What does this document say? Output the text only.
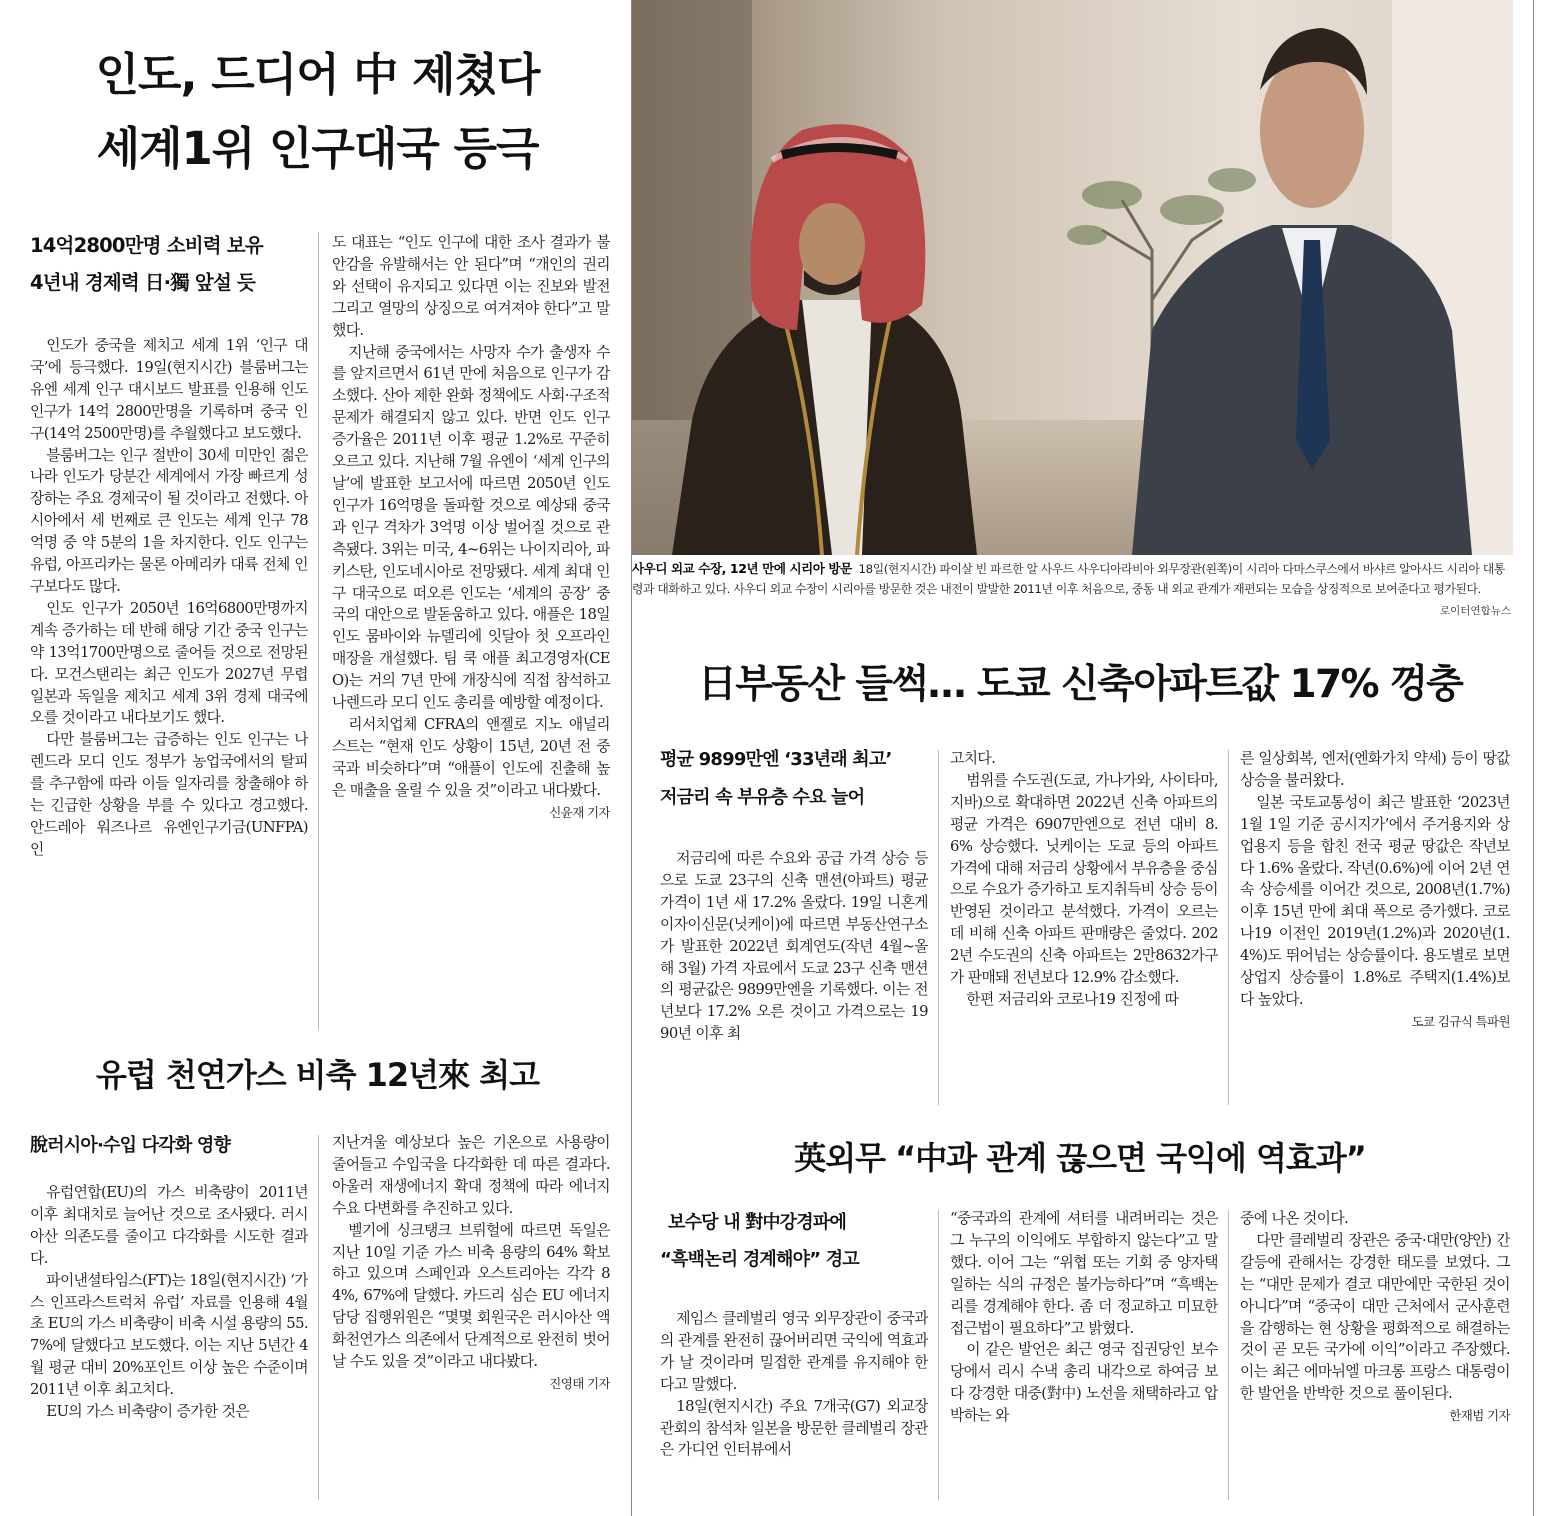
인도, 드디어 中 제쳤다
세계1위 인구대국 등극
14억2800만명 소비력 보유
4년내 경제력 日·獨 앞설 듯

인도가 중국을 제치고 세계 1위 ‘인구 대국’에 등극했다. 19일(현지시간) 블룸버그는 유엔 세계 인구 대시보드 발표를 인용해 인도 인구가 14억 2800만명을 기록하며 중국 인구(14억 2500만명)를 추월했다고 보도했다.

블룸버그는 인구 절반이 30세 미만인 젊은 나라 인도가 당분간 세계에서 가장 빠르게 성장하는 주요 경제국이 될 것이라고 전했다. 아시아에서 세 번째로 큰 인도는 세계 인구 78억명 중 약 5분의 1을 차지한다. 인도 인구는 유럽, 아프리카는 물론 아메리카 대륙 전체 인구보다도 많다.

인도 인구가 2050년 16억6800만명까지 계속 증가하는 데 반해 해당 기간 중국 인구는 약 13억1700만명으로 줄어들 것으로 전망된다. 모건스탠리는 최근 인도가 2027년 무렵 일본과 독일을 제치고 세계 3위 경제 대국에 오를 것이라고 내다보기도 했다.

다만 블룸버그는 급증하는 인도 인구는 나렌드라 모디 인도 정부가 농업국에서의 탈피를 추구함에 따라 이들 일자리를 창출해야 하는 긴급한 상황을 부를 수 있다고 경고했다. 안드레아 워즈나르 유엔인구기금(UNFPA) 인

도 대표는 “인도 인구에 대한 조사 결과가 불안감을 유발해서는 안 된다”며 “개인의 권리와 선택이 유지되고 있다면 이는 진보와 발전 그리고 열망의 상징으로 여겨져야 한다”고 말했다.

지난해 중국에서는 사망자 수가 출생자 수를 앞지르면서 61년 만에 처음으로 인구가 감소했다. 산아 제한 완화 정책에도 사회·구조적 문제가 해결되지 않고 있다. 반면 인도 인구 증가율은 2011년 이후 평균 1.2%로 꾸준히 오르고 있다. 지난해 7월 유엔이 ‘세계 인구의 날’에 발표한 보고서에 따르면 2050년 인도 인구가 16억명을 돌파할 것으로 예상돼 중국과 인구 격차가 3억명 이상 벌어질 것으로 관측됐다. 3위는 미국, 4~6위는 나이지리아, 파키스탄, 인도네시아로 전망됐다. 세계 최대 인구 대국으로 떠오른 인도는 ‘세계의 공장’ 중국의 대안으로 발돋움하고 있다. 애플은 18일 인도 뭄바이와 뉴델리에 잇달아 첫 오프라인 매장을 개설했다. 팀 쿡 애플 최고경영자(CEO)는 거의 7년 만에 개장식에 직접 참석하고 나렌드라 모디 인도 총리를 예방할 예정이다.

리서치업체 CFRA의 앤젤로 지노 애널리스트는 “현재 인도 상황이 15년, 20년 전 중국과 비슷하다”며 “애플이 인도에 진출해 높은 매출을 올릴 수 있을 것”이라고 내다봤다.

신윤재 기자

사우디 외교 수장, 12년 만에 시리아 방문 18일(현지시간) 파이살 빈 파르한 알 사우드 사우디아라비아 외무장관(왼쪽)이 시리아 다마스쿠스에서 바샤르 알아사드 시리아 대통령과 대화하고 있다. 사우디 외교 수장이 시리아를 방문한 것은 내전이 발발한 2011년 이후 처음으로, 중동 내 외교 관계가 재편되는 모습을 상징적으로 보여준다고 평가된다.
로이터연합뉴스
日부동산 들썩… 도쿄 신축아파트값 17% 껑충
평균 9899만엔 ‘33년래 최고’
저금리 속 부유층 수요 늘어

저금리에 따른 수요와 공급 가격 상승 등으로 도쿄 23구의 신축 맨션(아파트) 평균 가격이 1년 새 17.2% 올랐다. 19일 니혼게이자이신문(닛케이)에 따르면 부동산연구소가 발표한 2022년 회계연도(작년 4월~올해 3월) 가격 자료에서 도쿄 23구 신축 맨션의 평균값은 9899만엔을 기록했다. 이는 전년보다 17.2% 오른 것이고 가격으로는 1990년 이후 최

고치다.

범위를 수도권(도쿄, 가나가와, 사이타마, 지바)으로 확대하면 2022년 신축 아파트의 평균 가격은 6907만엔으로 전년 대비 8.6% 상승했다. 닛케이는 도쿄 등의 아파트 가격에 대해 저금리 상황에서 부유층을 중심으로 수요가 증가하고 토지취득비 상승 등이 반영된 것이라고 분석했다. 가격이 오르는 데 비해 신축 아파트 판매량은 줄었다. 2022년 수도권의 신축 아파트는 2만8632가구가 판매돼 전년보다 12.9% 감소했다.

한편 저금리와 코로나19 진정에 따

른 일상회복, 엔저(엔화가치 약세) 등이 땅값 상승을 불러왔다.

일본 국토교통성이 최근 발표한 ‘2023년 1월 1일 기준 공시지가’에서 주거용지와 상업용지 등을 합친 전국 평균 땅값은 작년보다 1.6% 올랐다. 작년(0.6%)에 이어 2년 연속 상승세를 이어간 것으로, 2008년(1.7%) 이후 15년 만에 최대 폭으로 증가했다. 코로나19 이전인 2019년(1.2%)과 2020년(1.4%)도 뛰어넘는 상승률이다. 용도별로 보면 상업지 상승률이 1.8%로 주택지(1.4%)보다 높았다.

도쿄 김규식 특파원

유럽 천연가스 비축 12년來 최고
脫러시아·수입 다각화 영향

유럽연합(EU)의 가스 비축량이 2011년 이후 최대치로 늘어난 것으로 조사됐다. 러시아산 의존도를 줄이고 다각화를 시도한 결과다.

파이낸셜타임스(FT)는 18일(현지시간) ‘가스 인프라스트럭처 유럽’ 자료를 인용해 4월 초 EU의 가스 비축량이 비축 시설 용량의 55.7%에 달했다고 보도했다. 이는 지난 5년간 4월 평균 대비 20%포인트 이상 높은 수준이며 2011년 이후 최고치다.

EU의 가스 비축량이 증가한 것은

지난겨울 예상보다 높은 기온으로 사용량이 줄어들고 수입국을 다각화한 데 따른 결과다. 아울러 재생에너지 확대 정책에 따라 에너지 수요 다변화를 추진하고 있다.

벨기에 싱크탱크 브뤼헐에 따르면 독일은 지난 10일 기준 가스 비축 용량의 64% 확보하고 있으며 스페인과 오스트리아는 각각 84%, 67%에 달했다. 카드리 심슨 EU 에너지 담당 집행위원은 “몇몇 회원국은 러시아산 액화천연가스 의존에서 단계적으로 완전히 벗어날 수도 있을 것”이라고 내다봤다.

진영태 기자

英외무 “中과 관계 끊으면 국익에 역효과”
보수당 내 對中강경파에
“흑백논리 경계해야” 경고

제임스 클레벌리 영국 외무장관이 중국과의 관계를 완전히 끊어버리면 국익에 역효과가 날 것이라며 밀접한 관계를 유지해야 한다고 말했다.

18일(현지시간) 주요 7개국(G7) 외교장관회의 참석차 일본을 방문한 클레벌리 장관은 가디언 인터뷰에서

“중국과의 관계에 셔터를 내려버리는 것은 그 누구의 이익에도 부합하지 않는다”고 말했다. 이어 그는 “위협 또는 기회 중 양자택일하는 식의 규정은 불가능하다”며 “흑백논리를 경계해야 한다. 좀 더 정교하고 미묘한 접근법이 필요하다”고 밝혔다.

이 같은 발언은 최근 영국 집권당인 보수당에서 리시 수낵 총리 내각으로 하여금 보다 강경한 대중(對中) 노선을 채택하라고 압박하는 와

중에 나온 것이다.

다만 클레벌리 장관은 중국·대만(양안) 간 갈등에 관해서는 강경한 태도를 보였다. 그는 “대만 문제가 결코 대만에만 국한된 것이 아니다”며 “중국이 대만 근처에서 군사훈련을 감행하는 현 상황을 평화적으로 해결하는 것이 곧 모든 국가에 이익”이라고 주장했다. 이는 최근 에마뉘엘 마크롱 프랑스 대통령이 한 발언을 반박한 것으로 풀이된다.

한재범 기자
